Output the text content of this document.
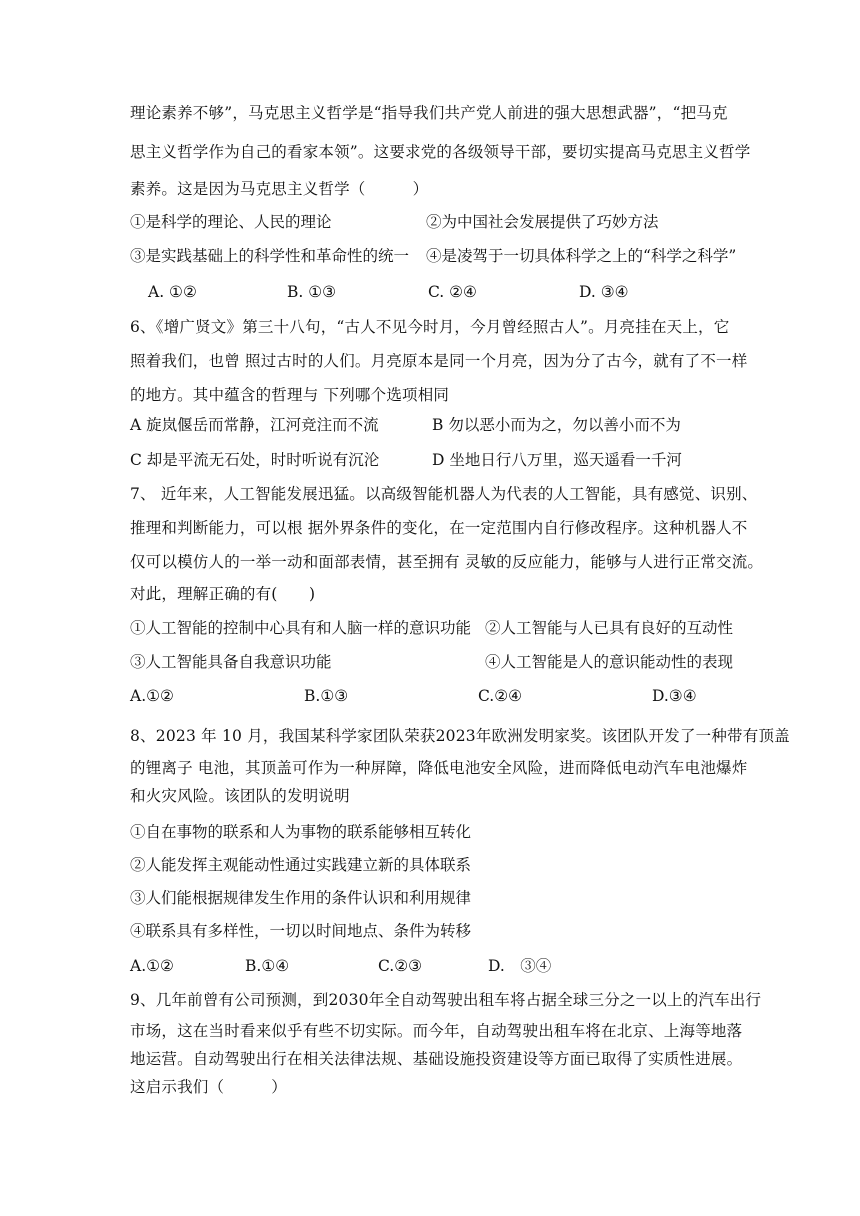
理论素养不够”，马克思主义哲学是“指导我们共产党人前进的强大思想武器”，“把马克
思主义哲学作为自己的看家本领”。这要求党的各级领导干部，要切实提高马克思主义哲学
素养。这是因为马克思主义哲学（　　　）
①是科学的理论、人民的理论	②为中国社会发展提供了巧妙方法
③是实践基础上的科学性和革命性的统一 ④是凌驾于一切具体科学之上的“科学之科学”
A. ①②	B. ①③	C. ②④	D. ③④
6、《增广贤文》第三十八句，“古人不见今时月，今月曾经照古人”。月亮挂在天上，它
照着我们，也曾 照过古时的人们。月亮原本是同一个月亮，因为分了古今，就有了不一样
的地方。其中蕴含的哲理与 下列哪个选项相同
A 旋岚偃岳而常静，江河竞注而不流	B 勿以恶小而为之，勿以善小而不为
C 却是平流无石处，时时听说有沉沦	D 坐地日行八万里，巡天遥看一千河
7、 近年来，人工智能发展迅猛。以高级智能机器人为代表的人工智能，具有感觉、识别、
推理和判断能力，可以根 据外界条件的变化，在一定范围内自行修改程序。这种机器人不
仅可以模仿人的一举一动和面部表情，甚至拥有 灵敏的反应能力，能够与人进行正常交流。
对此，理解正确的有(　　)
①人工智能的控制中心具有和人脑一样的意识功能 ②人工智能与人已具有良好的互动性
③人工智能具备自我意识功能	④人工智能是人的意识能动性的表现
A.①②	B.①③	C.②④	D.③④
8、2023 年 10 月，我国某科学家团队荣获2023年欧洲发明家奖。该团队开发了一种带有顶盖
的锂离子 电池，其顶盖可作为一种屏障，降低电池安全风险，进而降低电动汽车电池爆炸
和火灾风险。该团队的发明说明
①自在事物的联系和人为事物的联系能够相互转化
②人能发挥主观能动性通过实践建立新的具体联系
③人们能根据规律发生作用的条件认识和利用规律
④联系具有多样性，一切以时间地点、条件为转移
A.①②	B.①④	C.②③	D.　③④
9、几年前曾有公司预测，到2030年全自动驾驶出租车将占据全球三分之一以上的汽车出行
市场，这在当时看来似乎有些不切实际。而今年，自动驾驶出租车将在北京、上海等地落
地运营。自动驾驶出行在相关法律法规、基础设施投资建设等方面已取得了实质性进展。
这启示我们（　　　）
